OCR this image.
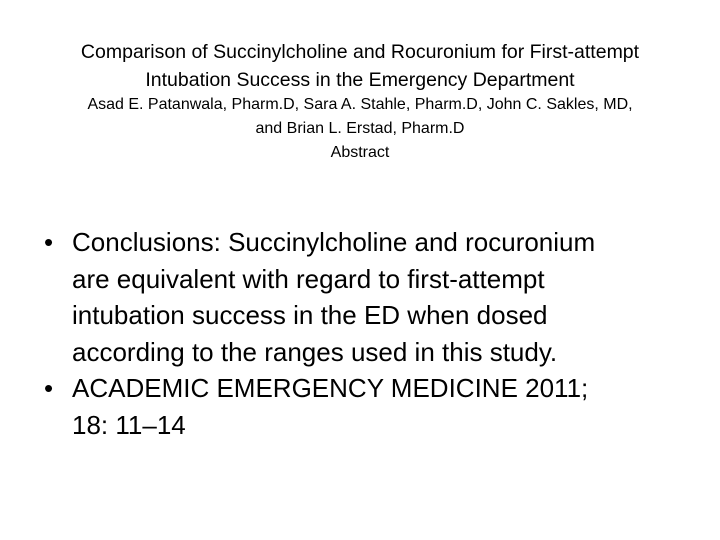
Comparison of Succinylcholine and Rocuronium for First-attempt
Intubation Success in the Emergency Department
Asad E. Patanwala, Pharm.D, Sara A. Stahle, Pharm.D, John C. Sakles, MD,
and Brian L. Erstad, Pharm.D
Abstract
• Conclusions: Succinylcholine and rocuronium
are equivalent with regard to first-attempt
intubation success in the ED when dosed
according to the ranges used in this study.
• ACADEMIC EMERGENCY MEDICINE 2011;
18: 11–14
